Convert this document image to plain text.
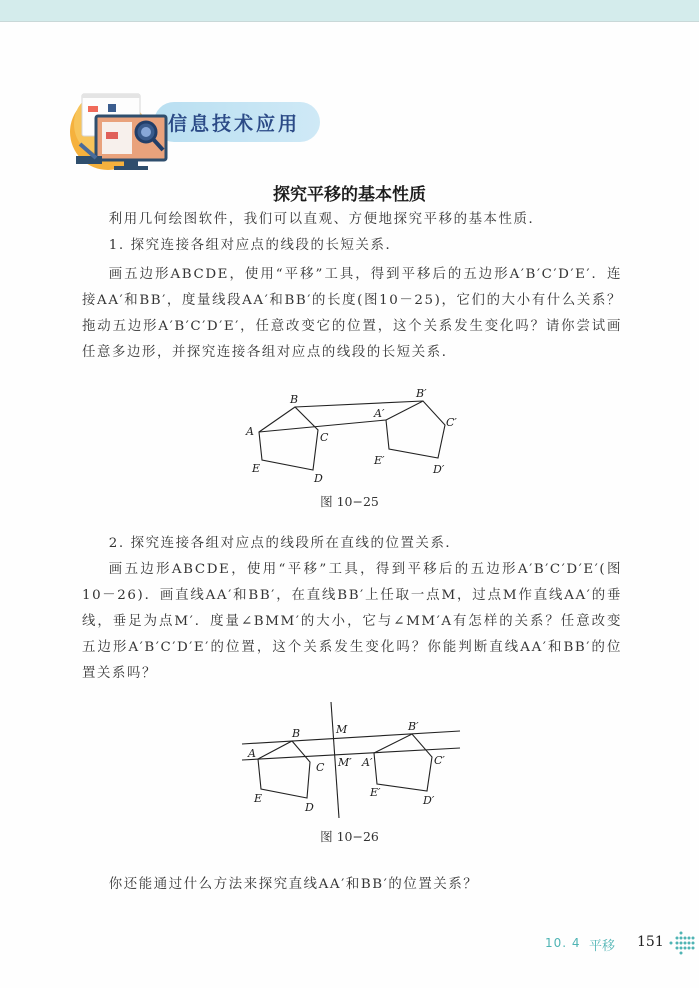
信息技术应用
探究平移的基本性质
利用几何绘图软件，我们可以直观、方便地探究平移的基本性质．
1. 探究连接各组对应点的线段的长短关系．
画五边形ABCDE，使用“平移”工具，得到平移后的五边形A′B′C′D′E′．连接AA′和BB′，度量线段AA′和BB′的长度(图10－25)，它们的大小有什么关系？拖动五边形A′B′C′D′E′，任意改变它的位置，这个关系发生变化吗？请你尝试画任意多边形，并探究连接各组对应点的线段的长短关系．
A
B
C
D
E
A′
B′
C′
D′
E′
图 10−25
2. 探究连接各组对应点的线段所在直线的位置关系．
画五边形ABCDE，使用“平移”工具，得到平移后的五边形A′B′C′D′E′(图10－26)．画直线AA′和BB′，在直线BB′上任取一点M，过点M作直线AA′的垂线，垂足为点M′．度量∠BMM′的大小，它与∠MM′A有怎样的关系？任意改变五边形A′B′C′D′E′的位置，这个关系发生变化吗？你能判断直线AA′和BB′的位置关系吗？
A
B
C
D
E
M
M′ A′
B′
C′
D′
E′
图 10−26
你还能通过什么方法来探究直线AA′和BB′的位置关系？
10. 4 平移 151
